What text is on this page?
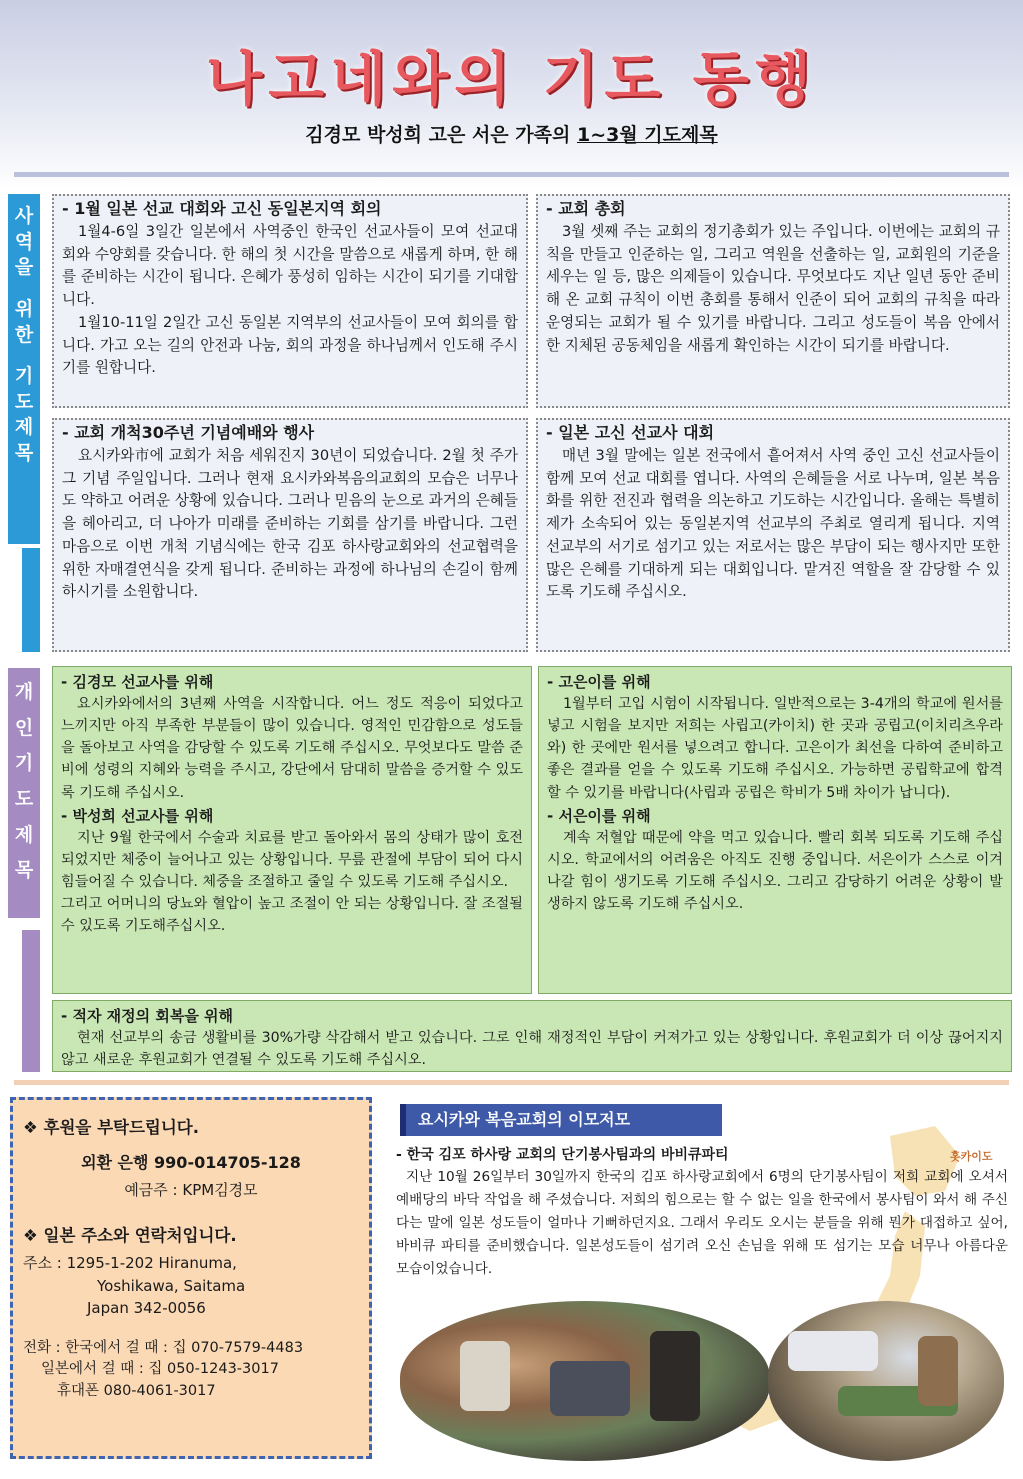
나고네와의 기도 동행
김경모 박성희 고은 서은 가족의 1~3월 기도제목
사
역
을
위
한
기
도
제
목
개
인
기
도
제
목
- 1월 일본 선교 대회와 고신 동일본지역 회의

1월4-6일 3일간 일본에서 사역중인 한국인 선교사들이 모여 선교대회와 수양회를 갖습니다. 한 해의 첫 시간을 말씀으로 새롭게 하며, 한 해를 준비하는 시간이 됩니다. 은혜가 풍성히 임하는 시간이 되기를 기대합니다.

1월10-11일 2일간 고신 동일본 지역부의 선교사들이 모여 회의를 합니다. 가고 오는 길의 안전과 나눔, 회의 과정을 하나님께서 인도해 주시기를 원합니다.

- 교회 총회

3월 셋째 주는 교회의 정기총회가 있는 주입니다. 이번에는 교회의 규칙을 만들고 인준하는 일, 그리고 역원을 선출하는 일, 교회원의 기준을 세우는 일 등, 많은 의제들이 있습니다. 무엇보다도 지난 일년 동안 준비해 온 교회 규칙이 이번 총회를 통해서 인준이 되어 교회의 규칙을 따라 운영되는 교회가 될 수 있기를 바랍니다. 그리고 성도들이 복음 안에서 한 지체된 공동체임을 새롭게 확인하는 시간이 되기를 바랍니다.

- 교회 개척30주년 기념예배와 행사

요시카와市에 교회가 처음 세워진지 30년이 되었습니다. 2월 첫 주가 그 기념 주일입니다. 그러나 현재 요시카와복음의교회의 모습은 너무나도 약하고 어려운 상황에 있습니다. 그러나 믿음의 눈으로 과거의 은혜들을 헤아리고, 더 나아가 미래를 준비하는 기회를 삼기를 바랍니다. 그런 마음으로 이번 개척 기념식에는 한국 김포 하사랑교회와의 선교협력을 위한 자매결연식을 갖게 됩니다. 준비하는 과정에 하나님의 손길이 함께 하시기를 소원합니다.

- 일본 고신 선교사 대회

매년 3월 말에는 일본 전국에서 흩어져서 사역 중인 고신 선교사들이 함께 모여 선교 대회를 엽니다. 사역의 은혜들을 서로 나누며, 일본 복음화를 위한 전진과 협력을 의논하고 기도하는 시간입니다. 올해는 특별히 제가 소속되어 있는 동일본지역 선교부의 주최로 열리게 됩니다. 지역 선교부의 서기로 섬기고 있는 저로서는 많은 부담이 되는 행사지만 또한 많은 은혜를 기대하게 되는 대회입니다. 맡겨진 역할을 잘 감당할 수 있도록 기도해 주십시오.

- 김경모 선교사를 위해

요시카와에서의 3년째 사역을 시작합니다. 어느 정도 적응이 되었다고 느끼지만 아직 부족한 부분들이 많이 있습니다. 영적인 민감함으로 성도들을 돌아보고 사역을 감당할 수 있도록 기도해 주십시오. 무엇보다도 말씀 준비에 성령의 지혜와 능력을 주시고, 강단에서 담대히 말씀을 증거할 수 있도록 기도해 주십시오.

- 박성희 선교사를 위해

지난 9월 한국에서 수술과 치료를 받고 돌아와서 몸의 상태가 많이 호전되었지만 체중이 늘어나고 있는 상황입니다. 무릎 관절에 부담이 되어 다시 힘들어질 수 있습니다. 체중을 조절하고 줄일 수 있도록 기도해 주십시오.

그리고 어머니의 당뇨와 혈압이 높고 조절이 안 되는 상황입니다. 잘 조절될 수 있도록 기도해주십시오.

- 고은이를 위해

1월부터 고입 시험이 시작됩니다. 일반적으로는 3-4개의 학교에 원서를 넣고 시험을 보지만 저희는 사립고(카이치) 한 곳과 공립고(이치리츠우라와) 한 곳에만 원서를 넣으려고 합니다. 고은이가 최선을 다하여 준비하고 좋은 결과를 얻을 수 있도록 기도해 주십시오. 가능하면 공립학교에 합격할 수 있기를 바랍니다(사립과 공립은 학비가 5배 차이가 납니다).

- 서은이를 위해

계속 저혈압 때문에 약을 먹고 있습니다. 빨리 회복 되도록 기도해 주십시오. 학교에서의 어려움은 아직도 진행 중입니다. 서은이가 스스로 이겨나갈 힘이 생기도록 기도해 주십시오. 그리고 감당하기 어려운 상황이 발생하지 않도록 기도해 주십시오.

- 적자 재정의 회복을 위해

현재 선교부의 송금 생활비를 30%가량 삭감해서 받고 있습니다. 그로 인해 재정적인 부담이 커져가고 있는 상황입니다. 후원교회가 더 이상 끊어지지 않고 새로운 후원교회가 연결될 수 있도록 기도해 주십시오.

❖ 후원을 부탁드립니다.
외환 은행 990-014705-128
예금주 : KPM김경모
❖ 일본 주소와 연락처입니다.
주소 : 1295-1-202 Hiranuma,
Yoshikawa, Saitama
Japan 342-0056
전화 : 한국에서 걸 때 : 집 070-7579-4483
일본에서 걸 때 : 집 050-1243-3017
휴대폰 080-4061-3017
홋카이도
요시카와 복음교회의 이모저모
- 한국 김포 하사랑 교회의 단기봉사팀과의 바비큐파티
지난 10월 26일부터 30일까지 한국의 김포 하사랑교회에서 6명의 단기봉사팀이 저희 교회에 오셔서 예배당의 바닥 작업을 해 주셨습니다. 저희의 힘으로는 할 수 없는 일을 한국에서 봉사팀이 와서 해 주신다는 말에 일본 성도들이 얼마나 기뻐하던지요. 그래서 우리도 오시는 분들을 위해 뭔가 대접하고 싶어, 바비큐 파티를 준비했습니다. 일본성도들이 섬기려 오신 손님을 위해 또 섬기는 모습 너무나 아름다운 모습이었습니다.
